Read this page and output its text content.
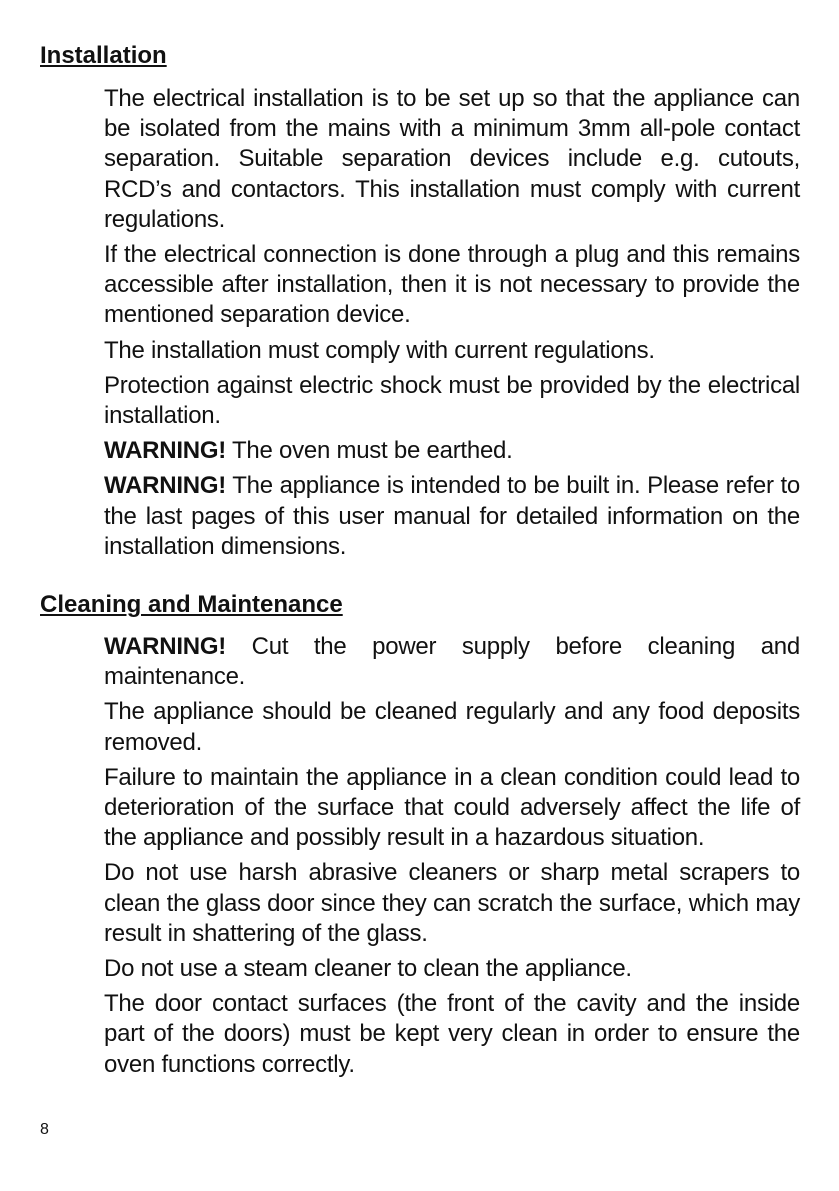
Installation

The electrical installation is to be set up so that the appliance can be isolated from the mains with a minimum 3mm all-pole contact separation. Suitable separation devices include e.g. cutouts, RCD’s and contactors. This installation must comply with current regulations.

If the electrical connection is done through a plug and this remains accessible after installation, then it is not necessary to provide the mentioned separation device.

The installation must comply with current regulations.

Protection against electric shock must be provided by the electrical installation.

WARNING! The oven must be earthed.

WARNING! The appliance is intended to be built in. Please refer to the last pages of this user manual for detailed information on the installation dimensions.

Cleaning and Maintenance

WARNING! Cut the power supply before cleaning and maintenance.

The appliance should be cleaned regularly and any food deposits removed.

Failure to maintain the appliance in a clean condition could lead to deterioration of the surface that could adversely affect the life of the appliance and possibly result in a hazardous situation.

Do not use harsh abrasive cleaners or sharp metal scrapers to clean the glass door since they can scratch the surface, which may result in shattering of the glass.

Do not use a steam cleaner to clean the appliance.

The door contact surfaces (the front of the cavity and the inside part of the doors) must be kept very clean in order to ensure the oven functions correctly.

8
